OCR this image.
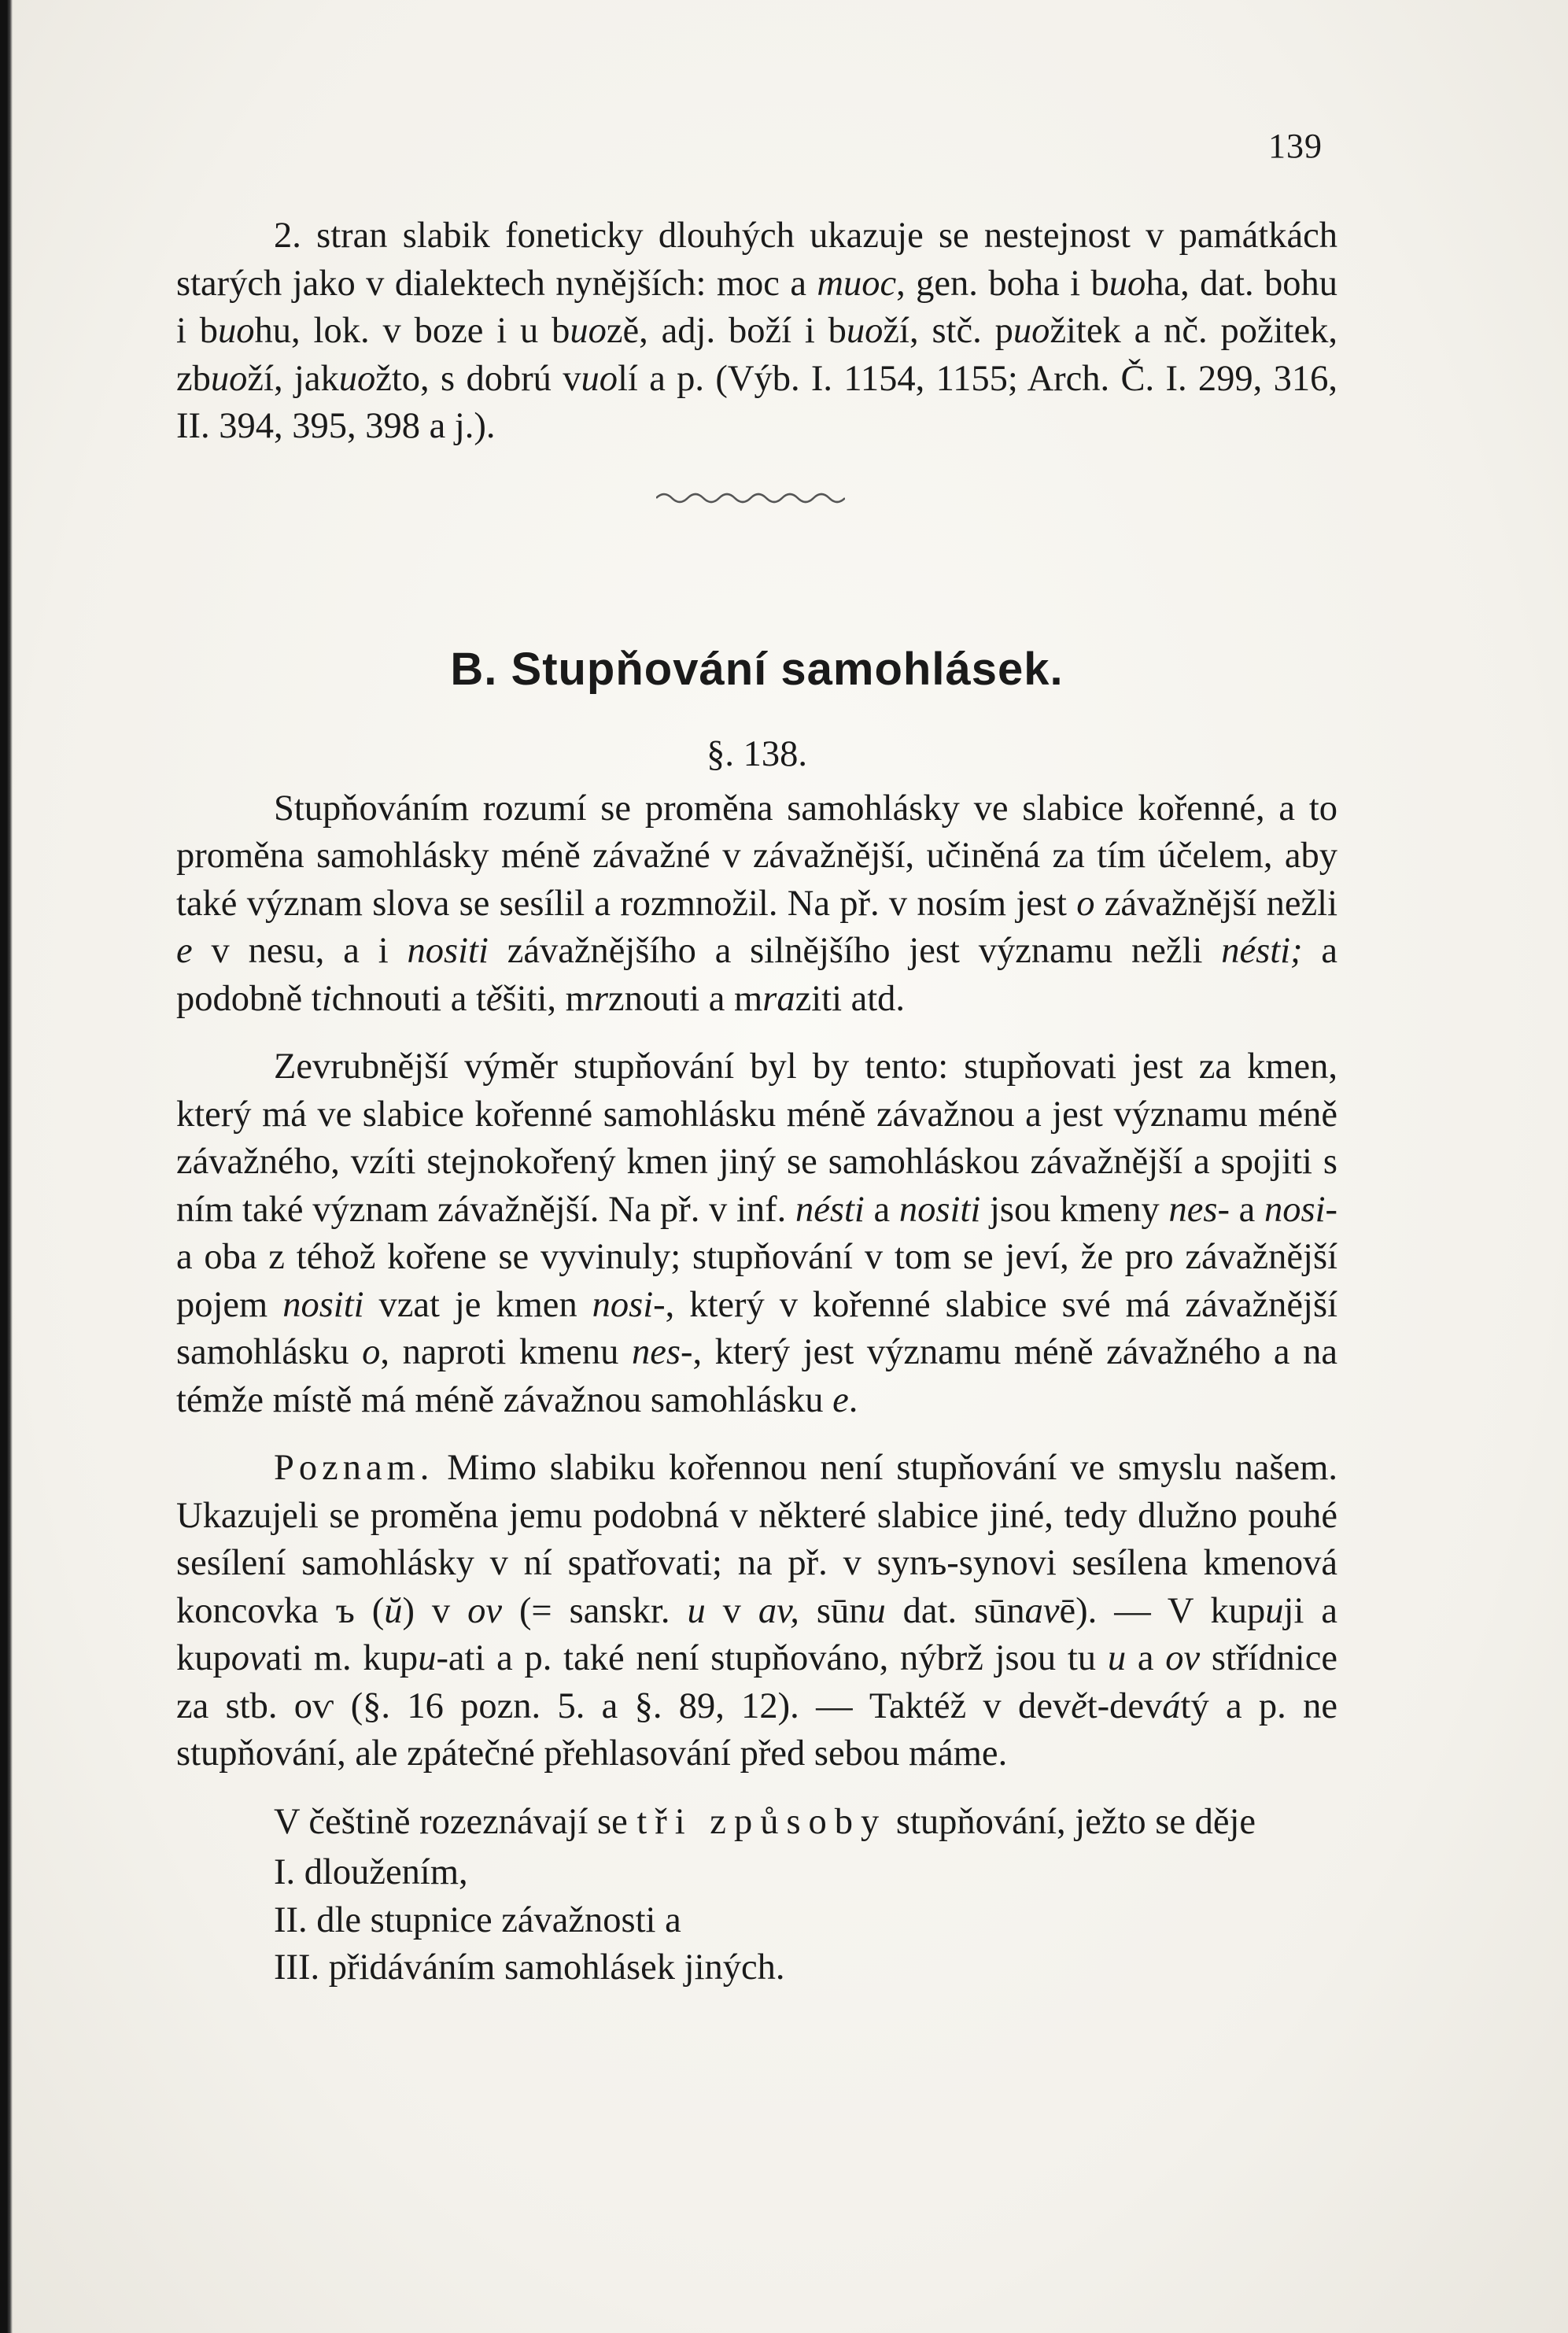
139

2. stran slabik foneticky dlouhých ukazuje se nestejnost v památkách starých jako v dialektech nynějších: moc a muoc, gen. boha i buoha, dat. bohu i buohu, lok. v boze i u buozě, adj. boží i buoží, stč. puožitek a nč. požitek, zbuoží, jakuožto, s dobrú vuolí a p. (Výb. I. 1154, 1155; Arch. Č. I. 299, 316, II. 394, 395, 398 a j.).

B. Stupňování samohlásek.
§. 138.

Stupňováním rozumí se proměna samohlásky ve slabice kořenné, a to proměna samohlásky méně závažné v závažnější, učiněná za tím účelem, aby také význam slova se sesílil a rozmnožil. Na př. v nosím jest o závažnější nežli e v nesu, a i nositi závažnějšího a silnějšího jest významu nežli nésti; a podobně tichnouti a těšiti, mrznouti a mraziti atd.

Zevrubnější výměr stupňování byl by tento: stupňovati jest za kmen, který má ve slabice kořenné samohlásku méně závažnou a jest významu méně závažného, vzíti stejnokořený kmen jiný se samohláskou závažnější a spojiti s ním také význam závažnější. Na př. v inf. nésti a nositi jsou kmeny nes- a nosi- a oba z téhož kořene se vyvinuly; stupňování v tom se jeví, že pro závažnější pojem nositi vzat je kmen nosi-, který v kořenné slabice své má závažnější samohlásku o, naproti kmenu nes-, který jest významu méně závažného a na témže místě má méně závažnou samohlásku e.

Poznam. Mimo slabiku kořennou není stupňování ve smyslu našem. Ukazujeli se proměna jemu podobná v některé slabice jiné, tedy dlužno pouhé sesílení samohlásky v ní spatřovati; na př. v synъ-synovi sesílena kmenová koncovka ъ (ŭ) v ov (= sanskr. u v av, sūnu dat. sūnavē). — V kupuji a kupovati m. kupu-ati a p. také není stupňováno, nýbrž jsou tu u a ov střídnice za stb. oѵ (§. 16 pozn. 5. a §. 89, 12). — Taktéž v devět-devátý a p. ne stupňování, ale zpátečné přehlasování před sebou máme.

V češtině rozeznávají se tři způsoby stupňování, ježto se děje

I. dloužením,
II. dle stupnice závažnosti a
III. přidáváním samohlásek jiných.
